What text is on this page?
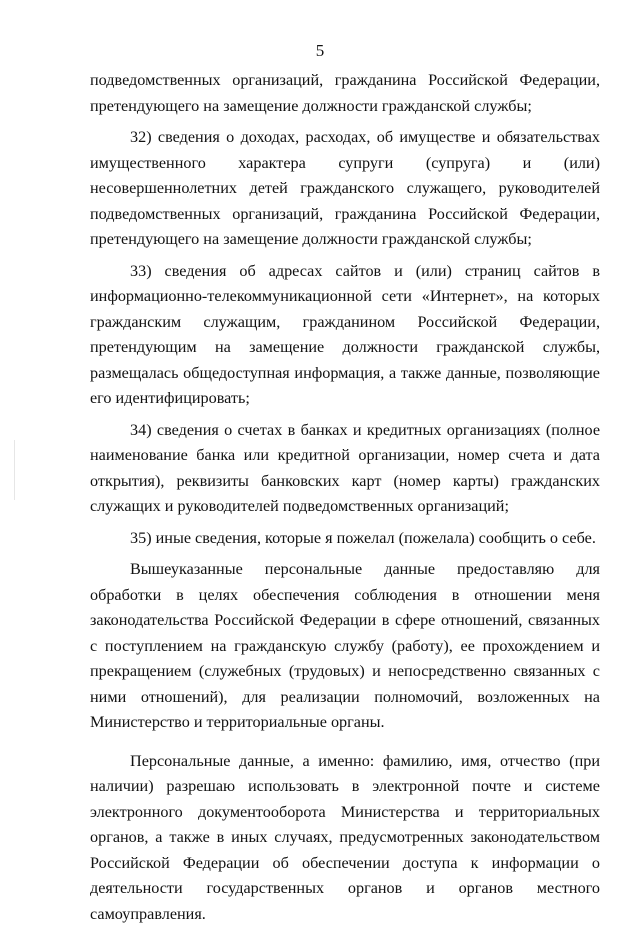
5

подведомственных организаций, гражданина Российской Федерации, претендующего на замещение должности гражданской службы;

32) сведения о доходах, расходах, об имуществе и обязательствах имущественного характера супруги (супруга) и (или) несовершеннолетних детей гражданского служащего, руководителей подведомственных организаций, гражданина Российской Федерации, претендующего на замещение должности гражданской службы;

33) сведения об адресах сайтов и (или) страниц сайтов в информационно-телекоммуникационной сети «Интернет», на которых гражданским служащим, гражданином Российской Федерации, претендующим на замещение должности гражданской службы, размещалась общедоступная информация, а также данные, позволяющие его идентифицировать;

34) сведения о счетах в банках и кредитных организациях (полное наименование банка или кредитной организации, номер счета и дата открытия), реквизиты банковских карт (номер карты) гражданских служащих и руководителей подведомственных организаций;

35) иные сведения, которые я пожелал (пожелала) сообщить о себе.

Вышеуказанные персональные данные предоставляю для обработки в целях обеспечения соблюдения в отношении меня законодательства Российской Федерации в сфере отношений, связанных с поступлением на гражданскую службу (работу), ее прохождением и прекращением (служебных (трудовых) и непосредственно связанных с ними отношений), для реализации полномочий, возложенных на Министерство и территориальные органы.

Персональные данные, а именно: фамилию, имя, отчество (при наличии) разрешаю использовать в электронной почте и системе электронного документооборота Министерства и территориальных органов, а также в иных случаях, предусмотренных законодательством Российской Федерации об обеспечении доступа к информации о деятельности государственных органов и органов местного самоуправления.
